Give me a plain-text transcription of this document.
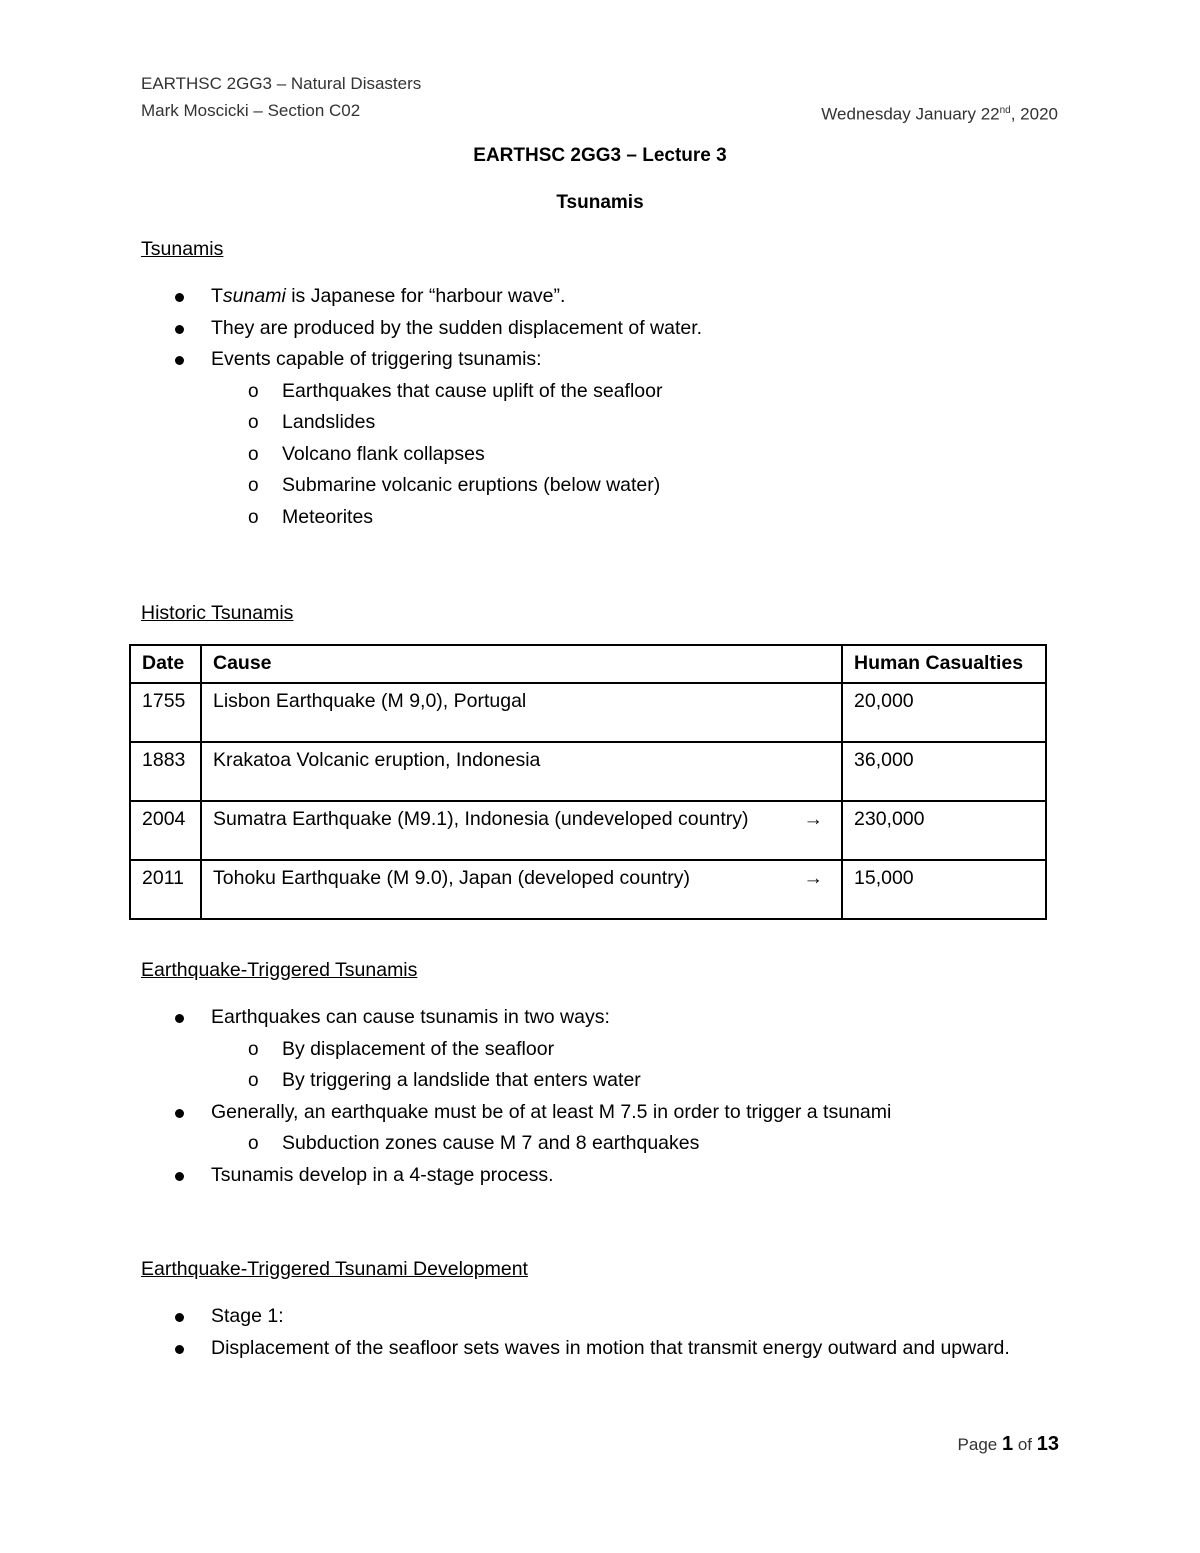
EARTHSC 2GG3 – Natural Disasters
Mark Moscicki – Section C02	Wednesday January 22nd, 2020
EARTHSC 2GG3 – Lecture 3
Tsunamis
Tsunamis
Tsunami is Japanese for “harbour wave”.
They are produced by the sudden displacement of water.
Events capable of triggering tsunamis:
o Earthquakes that cause uplift of the seafloor
o Landslides
o Volcano flank collapses
o Submarine volcanic eruptions (below water)
o Meteorites
Historic Tsunamis
Date	Cause	Human Casualties
1755	Lisbon Earthquake (M 9,0), Portugal	20,000
1883	Krakatoa Volcanic eruption, Indonesia	36,000
2004	Sumatra Earthquake (M9.1), Indonesia (undeveloped country) →	230,000
2011	Tohoku Earthquake (M 9.0), Japan (developed country) →	15,000
Earthquake-Triggered Tsunamis
Earthquakes can cause tsunamis in two ways:
o By displacement of the seafloor
o By triggering a landslide that enters water
Generally, an earthquake must be of at least M 7.5 in order to trigger a tsunami
o Subduction zones cause M 7 and 8 earthquakes
Tsunamis develop in a 4-stage process.
Earthquake-Triggered Tsunami Development
Stage 1:
Displacement of the seafloor sets waves in motion that transmit energy outward and upward.
Page 1 of 13
